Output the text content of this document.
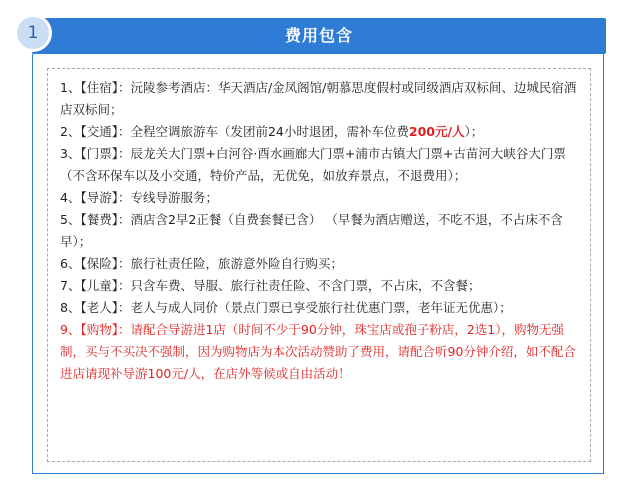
费用包含
1

1、【住宿】：沅陵参考酒店：华天酒店/金凤阁馆/朝慕思度假村或同级酒店双标间、边城民宿酒店双标间；

2、【交通】：全程空调旅游车（发团前24小时退团，需补车位费200元/人）；

3、【门票】：辰龙关大门票+白河谷·酉水画廊大门票+浦市古镇大门票+古苗河大峡谷大门票（不含环保车以及小交通，特价产品，无优免，如放弃景点，不退费用）；

4、【导游】：专线导游服务；

5、【餐费】：酒店含2早2正餐（自费套餐已含） （早餐为酒店赠送，不吃不退，不占床不含早）；

6、【保险】：旅行社责任险，旅游意外险自行购买；

7、【儿童】：只含车费、导服、旅行社责任险、不含门票，不占床，不含餐；

8、【老人】：老人与成人同价（景点门票已享受旅行社优惠门票，老年证无优惠）；

9、【购物】：请配合导游进1店（时间不少于90分钟，珠宝店或孢子粉店，2选1），购物无强制，买与不买决不强制，因为购物店为本次活动赞助了费用，请配合听90分钟介绍，如不配合进店请现补导游100元/人，在店外等候或自由活动！
